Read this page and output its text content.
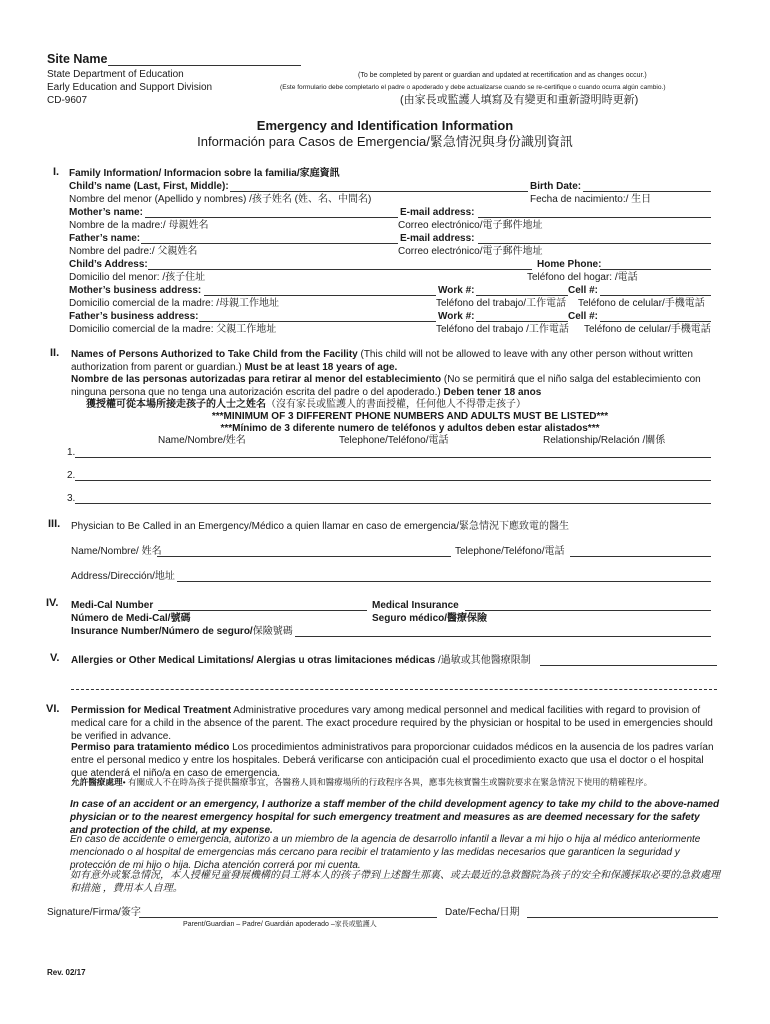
Site Name
State Department of Education
Early Education and Support Division
CD-9607
(To be completed by parent or guardian and updated at recertification and as changes occur.)
(Este formulario debe completarlo el padre o apoderado y debe actualizarse cuando se re-certifique o cuando ocurra algún cambio.)
(由家長或監護人填寫及有變更和重新證明時更新)
Emergency and Identification Information
Información para Casos de Emergencia/緊急情況與身份識別資訊
I. Family Information/ Informacion sobre la familia/家庭資訊
Child’s name (Last, First, Middle):	Birth Date:
Nombre del menor (Apellido y nombres) /孩子姓名 (姓、名、中間名)	Fecha de nacimiento:/ 生日
Mother’s name:	E-mail address:
Nombre de la madre:/ 母親姓名	Correo electrónico/電子郵件地址
Father’s name:	E-mail address:
Nombre del padre:/ 父親姓名	Correo electrónico/電子郵件地址
Child’s Address:	Home Phone:
Domicilio del menor: /孩子住址	Teléfono del hogar: /電話
Mother’s business address:	Work #:	Cell #:
Domicilio comercial de la madre: /母親工作地址	Teléfono del trabajo/工作電話 Teléfono de celular/手機電話
Father’s business address:	Work #:	Cell #:
Domicilio comercial de la madre: 父親工作地址	Teléfono del trabajo /工作電話 Teléfono de celular/手機電話
II. Names of Persons Authorized to Take Child from the Facility (This child will not be allowed to leave with any other person without written authorization from parent or guardian.) Must be at least 18 years of age.
Nombre de las personas autorizadas para retirar al menor del establecimiento (No se permitirá que el niño salga del establecimiento con ninguna persona que no tenga una autorización escrita del padre o del apoderado.) Deben tener 18 anos
獲授權可從本場所接走孩子的人士之姓名（沒有家長或監護人的書面授權，任何他人不得帶走孩子）
***MINIMUM OF 3 DIFFERENT PHONE NUMBERS AND ADULTS MUST BE LISTED***
***Mínimo de 3 diferente numero de teléfonos y adultos deben estar alistados***
Name/Nombre/姓名	Telephone/Teléfono/電話	Relationship/Relación /關係
1.
2.
3.
III. Physician to Be Called in an Emergency/Médico a quien llamar en caso de emergencia/緊急情況下應致電的醫生
Name/Nombre/ 姓名	Telephone/Teléfono/電話
Address/Dirección/地址
IV. Medi-Cal Number	Medical Insurance
Número de Medi-Cal/號碼	Seguro médico/醫療保險
Insurance Number/Número de seguro/保險號碼
V. Allergies or Other Medical Limitations/ Alergias u otras limitaciones médicas /過敏或其他醫療限制
VI. Permission for Medical Treatment Administrative procedures vary among medical personnel and medical facilities with regard to provision of medical care for a child in the absence of the parent. The exact procedure required by the physician or hospital to be used in emergencies should be verified in advance.
Permiso para tratamiento médico Los procedimientos administrativos para proporcionar cuidados médicos en la ausencia de los padres varían entre el personal medico y entre los hospitales. Deberá verificarse con anticipación cual el procedimiento exacto que usa el doctor o el hospital que atenderá el niño/a en caso de emergencia.
允許醫療處理• 有關成人不在時為孩子提供醫療事宜，各醫務人員和醫療場所的行政程序各異，應事先核實醫生或醫院要求在緊急情況下使用的精確程序。
In case of an accident or an emergency, I authorize a staff member of the child development agency to take my child to the above-named physician or to the nearest emergency hospital for such emergency treatment and measures as are deemed necessary for the safety and protection of the child, at my expense.
En caso de accidente o emergencia, autorizo a un miembro de la agencia de desarrollo infantil a llevar a mi hijo o hija al médico anteriormente mencionado o al hospital de emergencias más cercano para recibir el tratamiento y las medidas necesarios que garanticen la seguridad y protección de mi hijo o hija. Dicha atención correrá por mi cuenta.
如有意外或緊急情況，本人授權兒童發展機構的員工將本人的孩子帶到上述醫生那裏、或去最近的急救醫院為孩子的安全和保護採取必要的急救處理和措施 ，費用本人自理。
Signature/Firma/簽字
Parent/Guardian – Padre/ Guardián apoderado –家長或監護人
Date/Fecha/日期
Rev. 02/17
